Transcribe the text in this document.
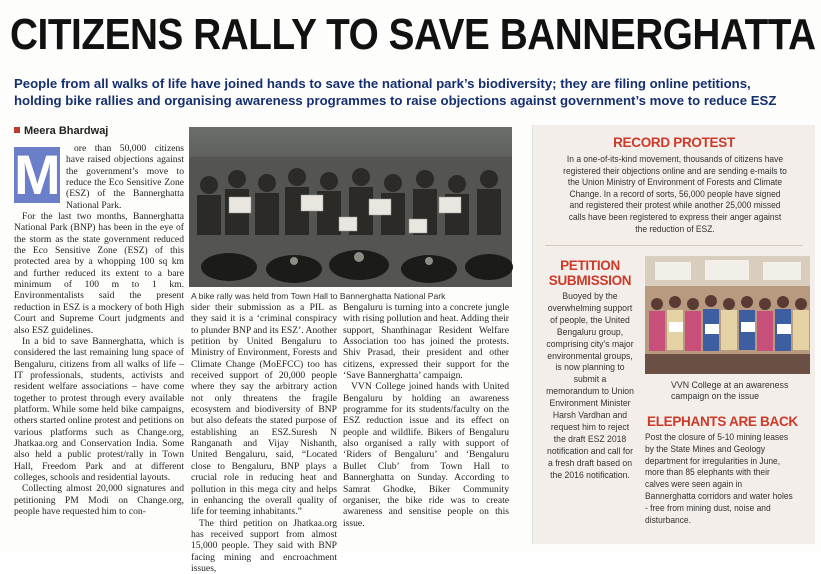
CITIZENS RALLY TO SAVE BANNERGHATTA
People from all walks of life have joined hands to save the national park’s biodiversity; they are filing online petitions,
holding bike rallies and organising awareness programmes to raise objections against government’s move to reduce ESZ
Meera Bhardwaj
M	ore than 50,000 citizens have raised objections against the government’s move to reduce the Eco Sensitive Zone (ESZ) of the Bannerghatta National Park.

For the last two months, Bannerghatta National Park (BNP) has been in the eye of the storm as the state government reduced the Eco Sensitive Zone (ESZ) of this protected area by a whopping 100 sq km and further reduced its extent to a bare minimum of 100 m to 1 km. Environmentalists said the present reduction in ESZ is a mockery of both High Court and Supreme Court judgments and also ESZ guidelines.

In a bid to save Bannerghatta, which is considered the last remaining lung space of Bengaluru, citizens from all walks of life – IT professionals, students, activists and resident welfare associations – have come together to protest through every available platform. While some held bike campaigns, others started online protest and petitions on various platforms such as Change.org, Jhatkaa.org and Conservation India. Some also held a public protest/rally in Town Hall, Freedom Park and at different colleges, schools and residential layouts.

Collecting almost 20,000 signatures and petitioning PM Modi on Change.org, people have requested him to con-

A bike rally was held from Town Hall to Bannerghatta National Park

sider their submission as a PIL as they said it is a ‘criminal conspiracy to plunder BNP and its ESZ’. Another petition by United Bengaluru to Ministry of Environment, Forests and Climate Change (MoEFCC) too has received support of 20,000 people where they say the arbitrary action not only threatens the fragile ecosystem and biodiversity of BNP but also defeats the stated purpose of establishing an ESZ.Suresh N Ranganath and Vijay Nishanth, United Bengaluru, said, “Located close to Bengaluru, BNP plays a crucial role in reducing heat and pollution in this mega city and helps in enhancing the overall quality of life for teeming inhabitants.”

The third petition on Jhatkaa.org has received support from almost 15,000 people. They said with BNP facing mining and encroachment issues,

Bengaluru is turning into a concrete jungle with rising pollution and heat. Adding their support, Shanthinagar Resident Welfare Association too has joined the protests. Shiv Prasad, their president and other citizens, expressed their support for the ‘Save Bannerghatta’ campaign.

VVN College joined hands with United Bengaluru by holding an awareness programme for its students/faculty on the ESZ reduction issue and its effect on people and wildlife. Bikers of Bengaluru also organised a rally with support of ‘Riders of Bengaluru’ and ‘Bengaluru Bullet Club’ from Town Hall to Bannerghatta on Sunday. According to Samrat Ghodke, Biker Community organiser, the bike ride was to create awareness and sensitise people on this issue.

RECORD PROTEST
In a one-of-its-kind movement, thousands of citizens have registered their objections online and are sending e-mails to the Union Ministry of Environment of Forests and Climate Change. In a record of sorts, 56,000 people have signed and registered their protest while another 25,000 missed calls have been registered to express their anger against the reduction of ESZ.
PETITION
SUBMISSION
Buoyed by the overwhelming support of people, the United Bengaluru group, comprising city’s major environmental groups, is now planning to submit a memorandum to Union Environment Minister Harsh Vardhan and request him to reject the draft ESZ 2018 notification and call for a fresh draft based on the 2016 notification.
VVN College at an awareness campaign on the issue
ELEPHANTS ARE BACK
Post the closure of 5-10 mining leases by the State Mines and Geology department for irregularities in June, more than 85 elephants with their calves were seen again in Bannerghatta corridors and water holes - free from mining dust, noise and disturbance.
